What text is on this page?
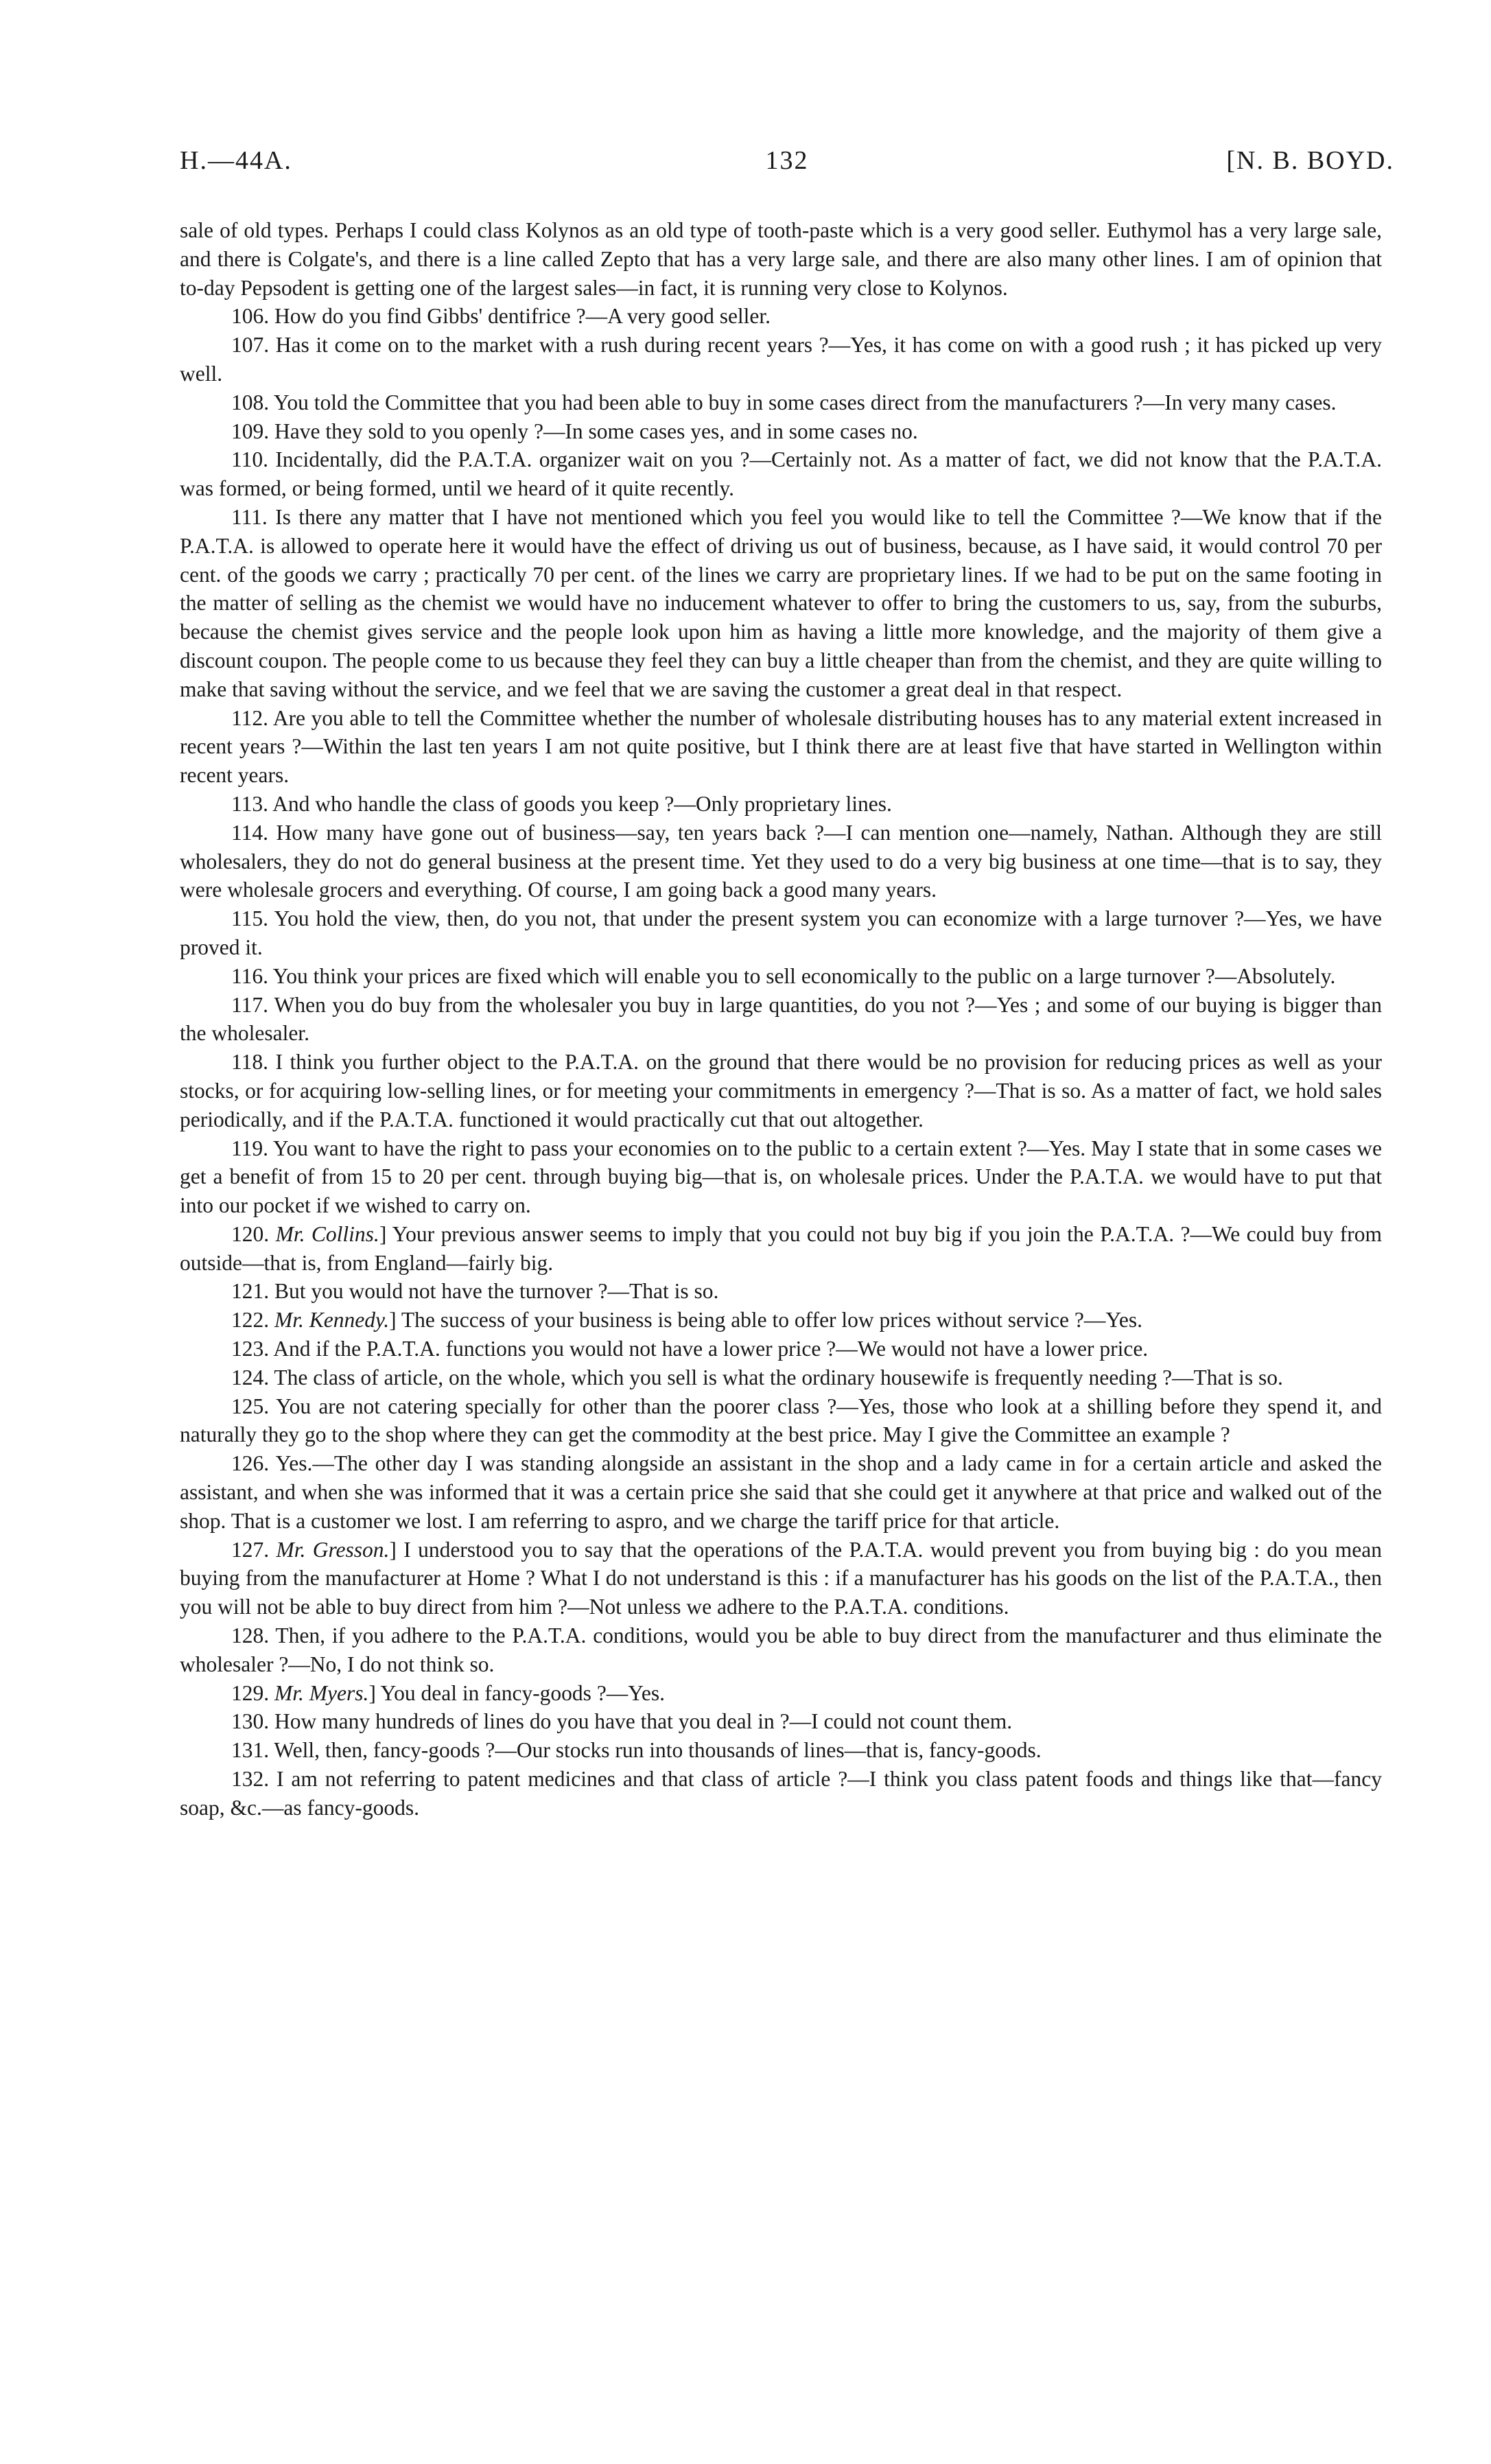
H.—44A.	132	[N. B. BOYD.

sale of old types. Perhaps I could class Kolynos as an old type of tooth-paste which is a very good seller. Euthymol has a very large sale, and there is Colgate's, and there is a line called Zepto that has a very large sale, and there are also many other lines. I am of opinion that to-day Pepsodent is getting one of the largest sales—in fact, it is running very close to Kolynos.

106. How do you find Gibbs' dentifrice ?—A very good seller.

107. Has it come on to the market with a rush during recent years ?—Yes, it has come on with a good rush ; it has picked up very well.

108. You told the Committee that you had been able to buy in some cases direct from the manufacturers ?—In very many cases.

109. Have they sold to you openly ?—In some cases yes, and in some cases no.

110. Incidentally, did the P.A.T.A. organizer wait on you ?—Certainly not. As a matter of fact, we did not know that the P.A.T.A. was formed, or being formed, until we heard of it quite recently.

111. Is there any matter that I have not mentioned which you feel you would like to tell the Committee ?—We know that if the P.A.T.A. is allowed to operate here it would have the effect of driving us out of business, because, as I have said, it would control 70 per cent. of the goods we carry ; practically 70 per cent. of the lines we carry are proprietary lines. If we had to be put on the same footing in the matter of selling as the chemist we would have no inducement whatever to offer to bring the customers to us, say, from the suburbs, because the chemist gives service and the people look upon him as having a little more knowledge, and the majority of them give a discount coupon. The people come to us because they feel they can buy a little cheaper than from the chemist, and they are quite willing to make that saving without the service, and we feel that we are saving the customer a great deal in that respect.

112. Are you able to tell the Committee whether the number of wholesale distributing houses has to any material extent increased in recent years ?—Within the last ten years I am not quite positive, but I think there are at least five that have started in Wellington within recent years.

113. And who handle the class of goods you keep ?—Only proprietary lines.

114. How many have gone out of business—say, ten years back ?—I can mention one—namely, Nathan. Although they are still wholesalers, they do not do general business at the present time. Yet they used to do a very big business at one time—that is to say, they were wholesale grocers and everything. Of course, I am going back a good many years.

115. You hold the view, then, do you not, that under the present system you can economize with a large turnover ?—Yes, we have proved it.

116. You think your prices are fixed which will enable you to sell economically to the public on a large turnover ?—Absolutely.

117. When you do buy from the wholesaler you buy in large quantities, do you not ?—Yes ; and some of our buying is bigger than the wholesaler.

118. I think you further object to the P.A.T.A. on the ground that there would be no provision for reducing prices as well as your stocks, or for acquiring low-selling lines, or for meeting your commitments in emergency ?—That is so. As a matter of fact, we hold sales periodically, and if the P.A.T.A. functioned it would practically cut that out altogether.

119. You want to have the right to pass your economies on to the public to a certain extent ?—Yes. May I state that in some cases we get a benefit of from 15 to 20 per cent. through buying big—that is, on wholesale prices. Under the P.A.T.A. we would have to put that into our pocket if we wished to carry on.

120. Mr. Collins.] Your previous answer seems to imply that you could not buy big if you join the P.A.T.A. ?—We could buy from outside—that is, from England—fairly big.

121. But you would not have the turnover ?—That is so.

122. Mr. Kennedy.] The success of your business is being able to offer low prices without service ?—Yes.

123. And if the P.A.T.A. functions you would not have a lower price ?—We would not have a lower price.

124. The class of article, on the whole, which you sell is what the ordinary housewife is frequently needing ?—That is so.

125. You are not catering specially for other than the poorer class ?—Yes, those who look at a shilling before they spend it, and naturally they go to the shop where they can get the commodity at the best price. May I give the Committee an example ?

126. Yes.—The other day I was standing alongside an assistant in the shop and a lady came in for a certain article and asked the assistant, and when she was informed that it was a certain price she said that she could get it anywhere at that price and walked out of the shop. That is a customer we lost. I am referring to aspro, and we charge the tariff price for that article.

127. Mr. Gresson.] I understood you to say that the operations of the P.A.T.A. would prevent you from buying big : do you mean buying from the manufacturer at Home ? What I do not understand is this : if a manufacturer has his goods on the list of the P.A.T.A., then you will not be able to buy direct from him ?—Not unless we adhere to the P.A.T.A. conditions.

128. Then, if you adhere to the P.A.T.A. conditions, would you be able to buy direct from the manufacturer and thus eliminate the wholesaler ?—No, I do not think so.

129. Mr. Myers.] You deal in fancy-goods ?—Yes.

130. How many hundreds of lines do you have that you deal in ?—I could not count them.

131. Well, then, fancy-goods ?—Our stocks run into thousands of lines—that is, fancy-goods.

132. I am not referring to patent medicines and that class of article ?—I think you class patent foods and things like that—fancy soap, &c.—as fancy-goods.
